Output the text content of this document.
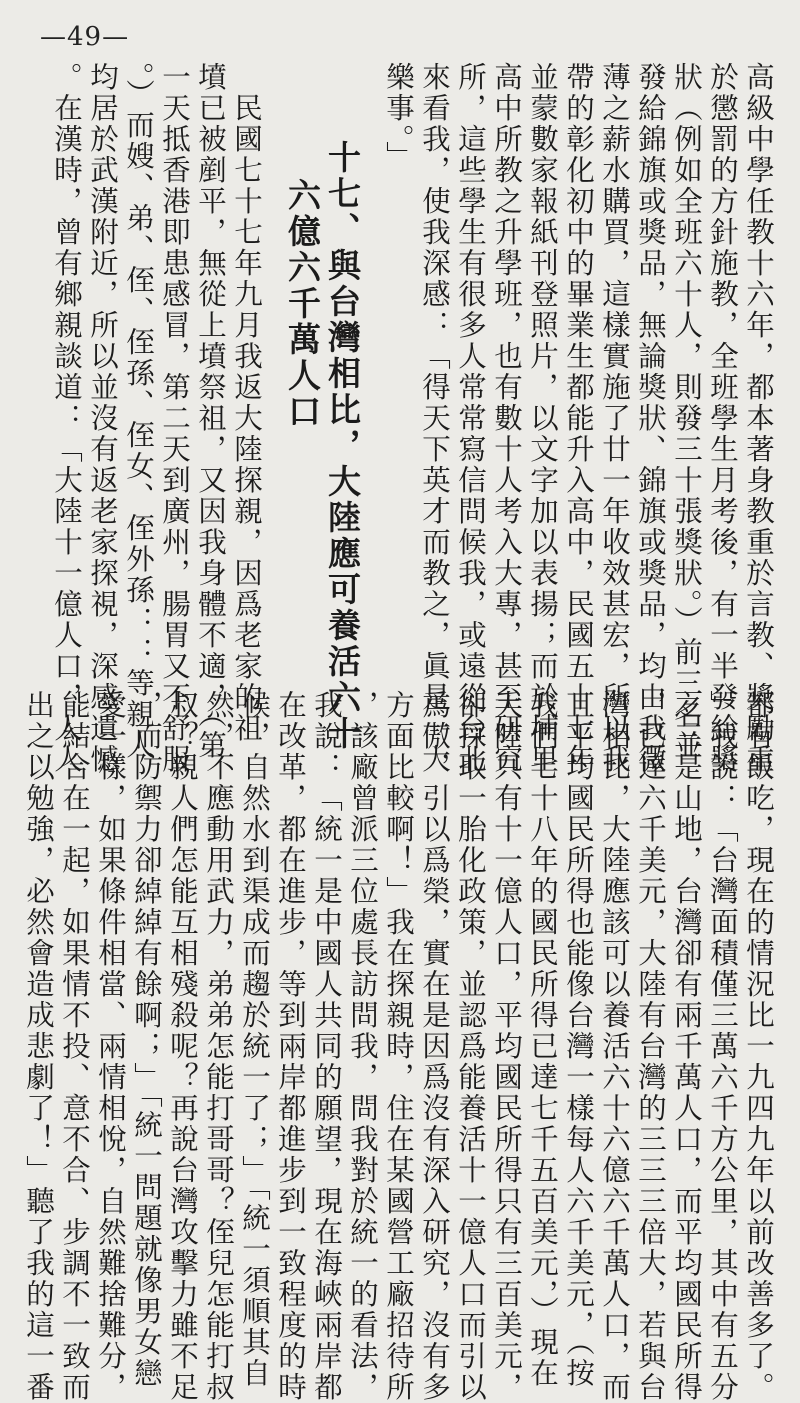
—49—
高級中學任教十六年，都本著身教重於言教、獎勵重
於懲罰的方針施教，全班學生月考後，有一半發給獎
狀（例如全班六十人，則發三十張獎狀。）前三名並
發給錦旗或獎品，無論獎狀、錦旗或獎品，均由我微
薄之薪水購買，這樣實施了廿一年收效甚宏，所以我
帶的彰化初中的畢業生都能升入高中，民國五十七年
並蒙數家報紙刊登照片，以文字加以表揚；而於埔里
高中所教之升學班，也有數十人考入大專，甚至研究
所，這些學生有很多人常常寫信問候我，或遠從台北
來看我，使我深感：「得天下英才而教之，眞是一大
樂事。」
十七、與台灣相比，大陸應可養活六十
六億六千萬人口
　民國七十七年九月我返大陸探親，因爲老家的祖
墳已被剷平，無從上墳祭祖，又因我身體不適，（第
一天抵香港即患感冒，第二天到廣州，腸胃又不舒服
。）而嫂、弟、侄、侄孫、侄女、侄外孫：：等親人
均居於武漢附近，所以並沒有返老家探視，深感遺憾
。在漢時，曾有鄉親談道：「大陸十一億人口，人人
都有飯吃，現在的情況比一九四九年以前改善多了。
」我說：「台灣面積僅三萬六千方公里，其中有五分
之三是山地，台灣卻有兩千萬人口，而平均國民所得
，已達六千美元，大陸有台灣的三三三倍大，若與台
灣相比，大陸應該可以養活六十六億六千萬人口，而
且平均國民所得也能像台灣一樣每人六千美元，（按
我們七十八年的國民所得已達七千五百美元，）現在
大陸只有十一億人口，平均國民所得只有三百美元，
卻採取一胎化政策，並認爲能養活十一億人口而引以
爲傲，引以爲榮，實在是因爲沒有深入研究，沒有多
方面比較啊！」我在探親時，住在某國營工廠招待所
，該廠曾派三位處長訪問我，問我對於統一的看法，
我說：「統一是中國人共同的願望，現在海峽兩岸都
在改革，都在進步，等到兩岸都進步到一致程度的時
候，自然水到渠成而趨於統一了；」「統一須順其自
然，不應動用武力，弟弟怎能打哥哥？侄兒怎能打叔
叔？親人們怎能互相殘殺呢？再說台灣攻擊力雖不足
，而防禦力卻綽綽有餘啊；」「統一問題就像男女戀
愛一樣，如果條件相當、兩情相悅，自然難捨難分，
能結合在一起，如果情不投、意不合、步調不一致而
出之以勉強，必然會造成悲劇了！」聽了我的這一番
